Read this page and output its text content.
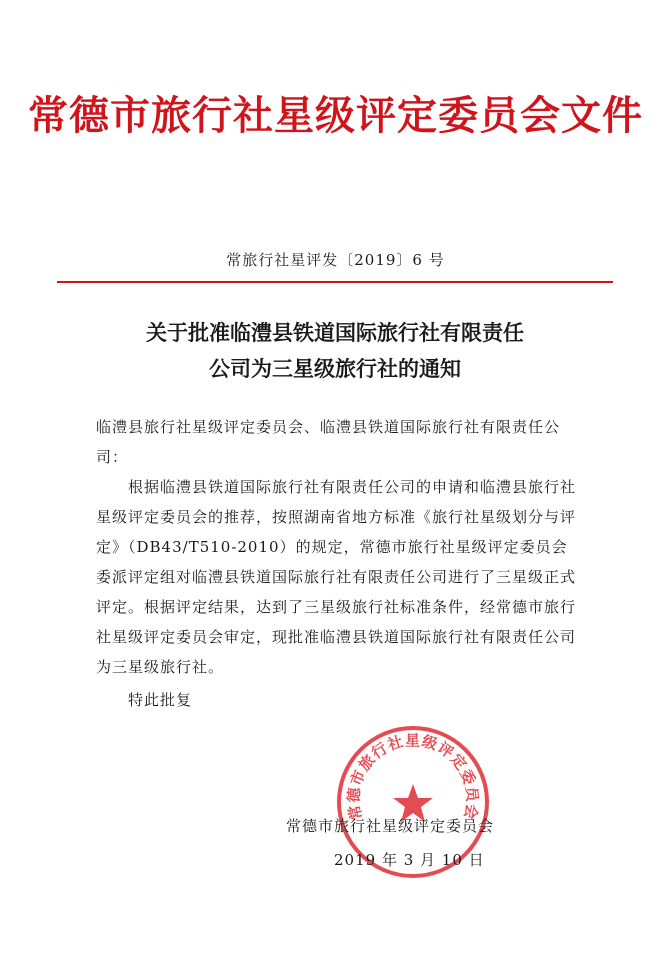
常德市旅行社星级评定委员会文件
常旅行社星评发〔2019〕6 号
关于批准临澧县铁道国际旅行社有限责任
公司为三星级旅行社的通知

临澧县旅行社星级评定委员会、临澧县铁道国际旅行社有限责任公司：

根据临澧县铁道国际旅行社有限责任公司的申请和临澧县旅行社星级评定委员会的推荐，按照湖南省地方标准《旅行社星级划分与评定》（DB43/T510-2010）的规定，常德市旅行社星级评定委员会委派评定组对临澧县铁道国际旅行社有限责任公司进行了三星级正式评定。根据评定结果，达到了三星级旅行社标准条件，经常德市旅行社星级评定委员会审定，现批准临澧县铁道国际旅行社有限责任公司为三星级旅行社。

特此批复

常德市旅行社星级评定委员会
常德市旅行社星级评定委员会
2019 年 3 月 10 日
